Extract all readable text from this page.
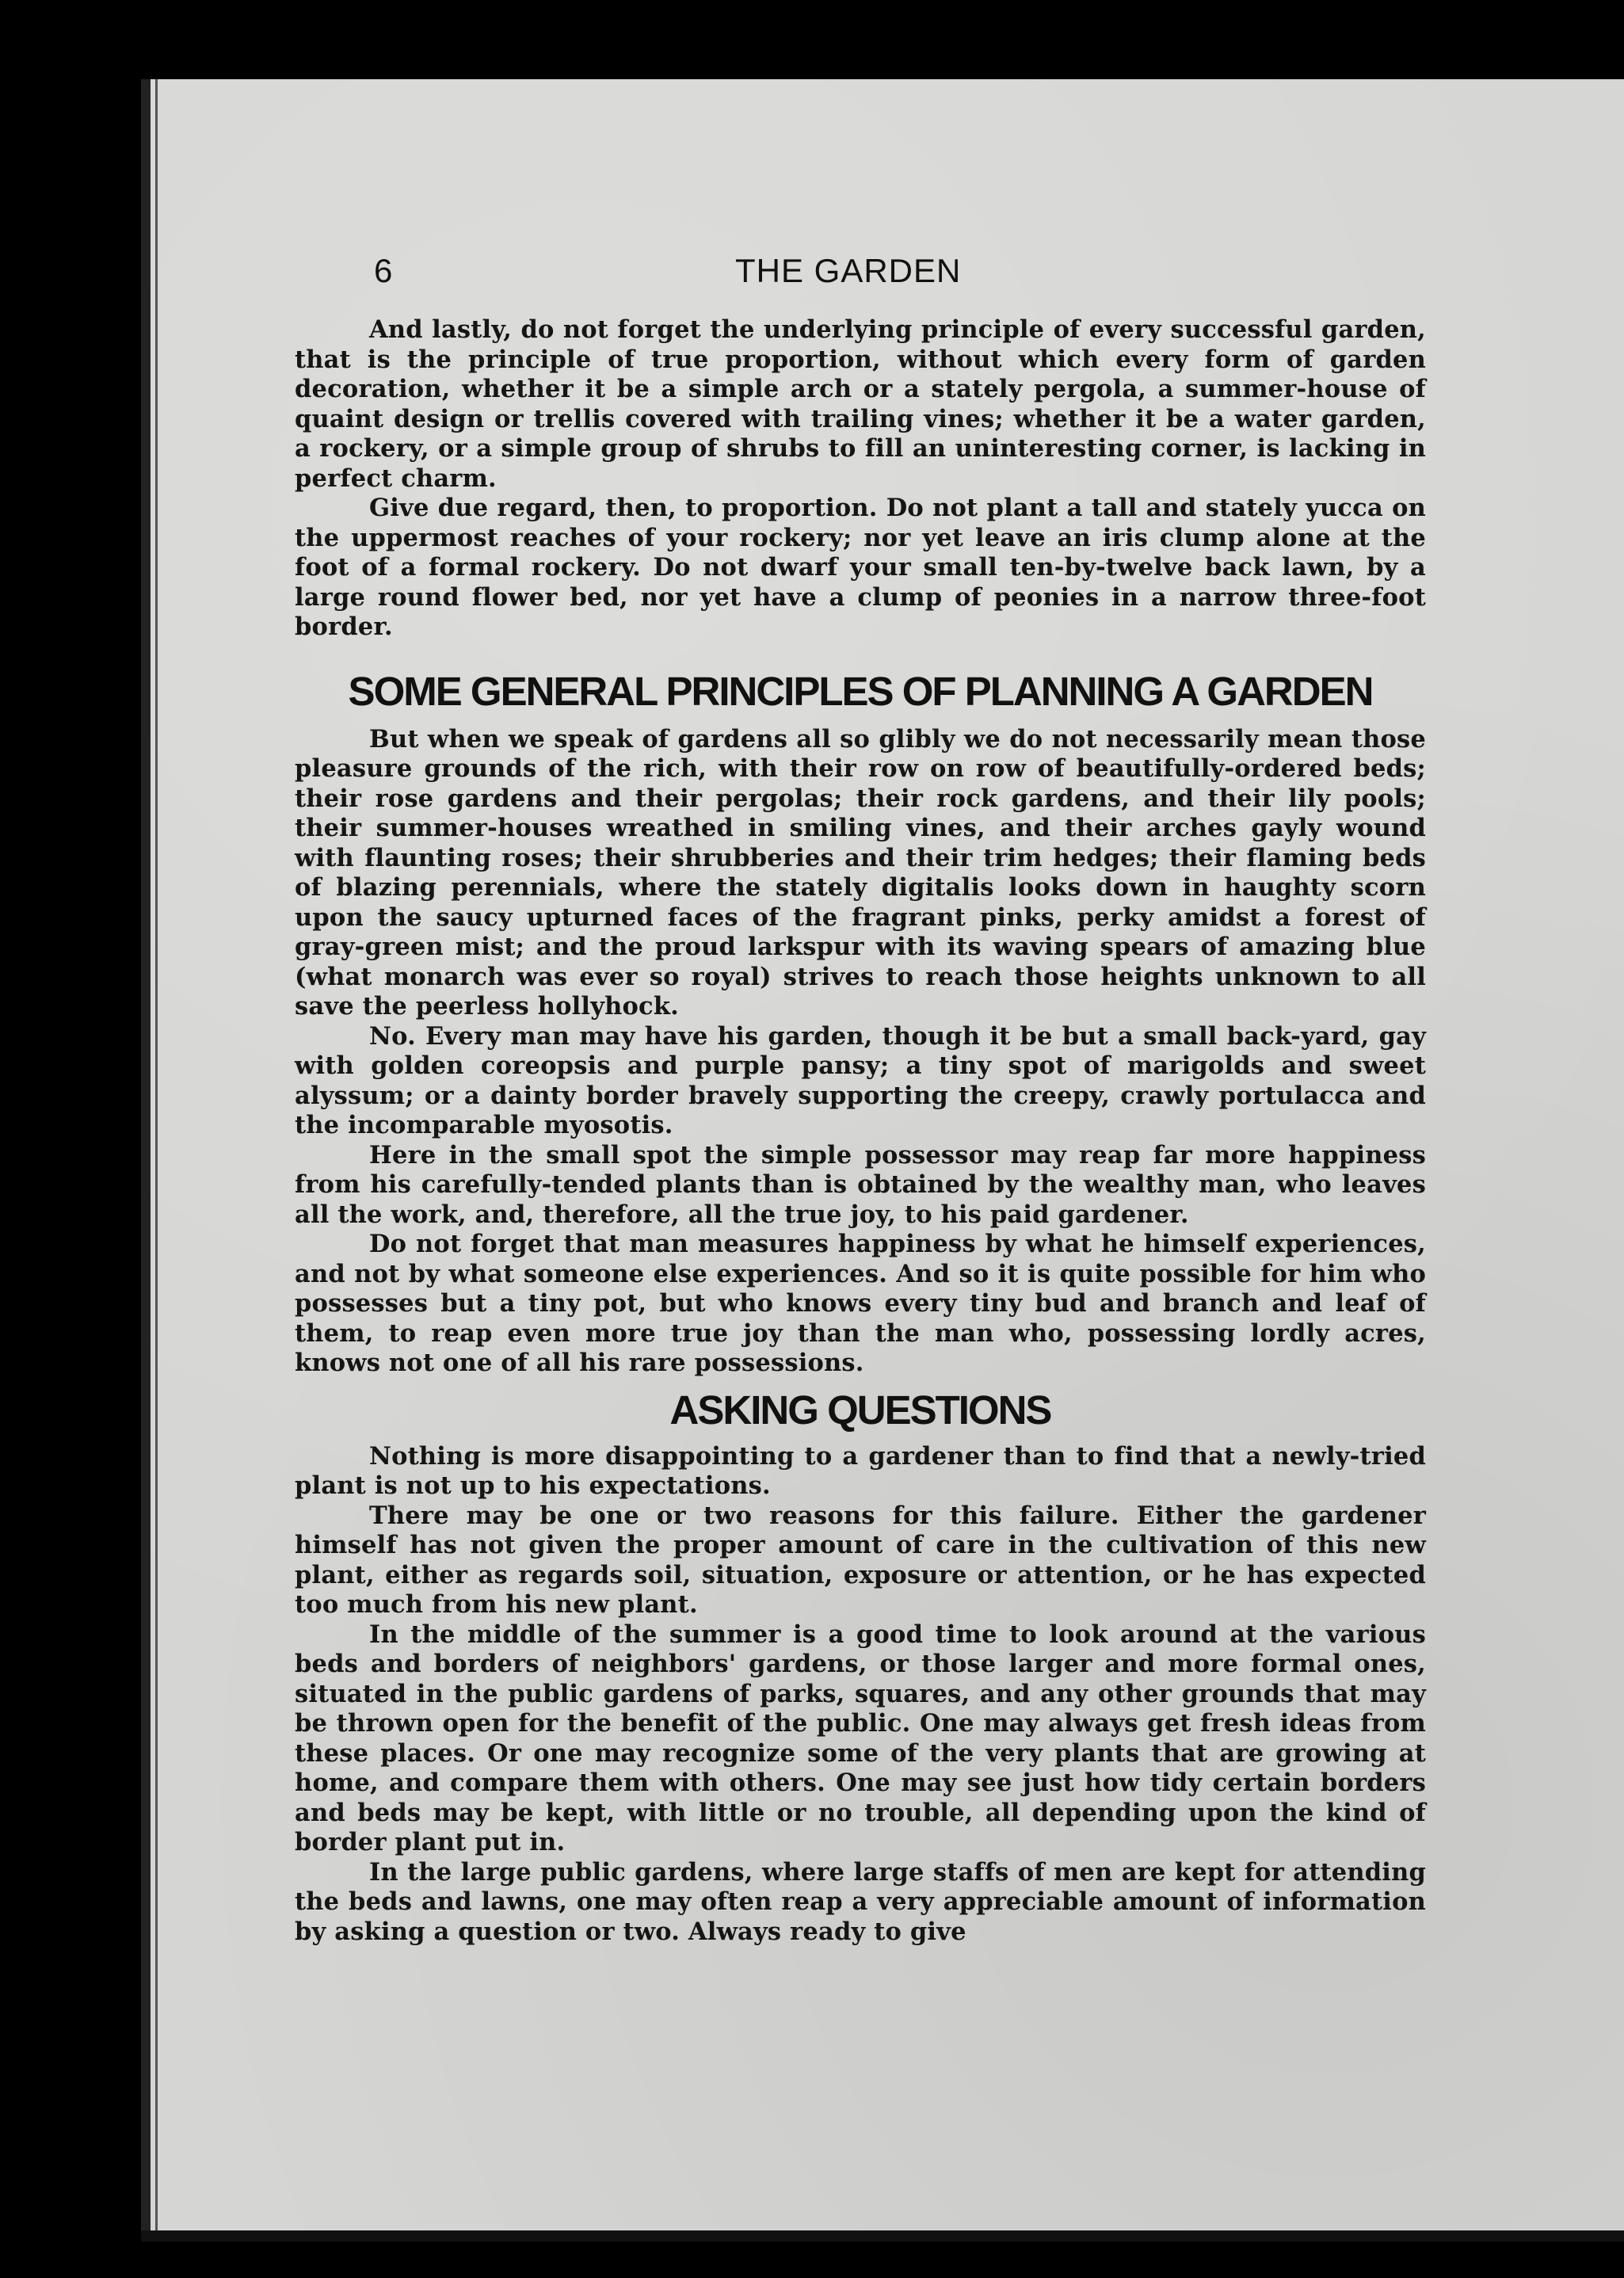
6	THE GARDEN

And lastly, do not forget the underlying principle of every successful garden, that is the principle of true proportion, without which every form of garden decoration, whether it be a simple arch or a stately pergola, a summer-house of quaint design or trellis covered with trailing vines; whether it be a water garden, a rockery, or a simple group of shrubs to fill an uninteresting corner, is lacking in perfect charm.

Give due regard, then, to proportion. Do not plant a tall and stately yucca on the uppermost reaches of your rockery; nor yet leave an iris clump alone at the foot of a formal rockery. Do not dwarf your small ten-by-twelve back lawn, by a large round flower bed, nor yet have a clump of peonies in a narrow three-foot border.

SOME GENERAL PRINCIPLES OF PLANNING A GARDEN

But when we speak of gardens all so glibly we do not necessarily mean those pleasure grounds of the rich, with their row on row of beautifully-ordered beds; their rose gardens and their pergolas; their rock gardens, and their lily pools; their summer-houses wreathed in smiling vines, and their arches gayly wound with flaunting roses; their shrubberies and their trim hedges; their flaming beds of blazing perennials, where the stately digitalis looks down in haughty scorn upon the saucy upturned faces of the fragrant pinks, perky amidst a forest of gray-green mist; and the proud larkspur with its waving spears of amazing blue (what monarch was ever so royal) strives to reach those heights unknown to all save the peerless hollyhock.

No. Every man may have his garden, though it be but a small back-yard, gay with golden coreopsis and purple pansy; a tiny spot of marigolds and sweet alyssum; or a dainty border bravely supporting the creepy, crawly portulacca and the incomparable myosotis.

Here in the small spot the simple possessor may reap far more happiness from his carefully-tended plants than is obtained by the wealthy man, who leaves all the work, and, therefore, all the true joy, to his paid gardener.

Do not forget that man measures happiness by what he himself experiences, and not by what someone else experiences. And so it is quite possible for him who possesses but a tiny pot, but who knows every tiny bud and branch and leaf of them, to reap even more true joy than the man who, possessing lordly acres, knows not one of all his rare possessions.

ASKING QUESTIONS

Nothing is more disappointing to a gardener than to find that a newly-tried plant is not up to his expectations.

There may be one or two reasons for this failure. Either the gardener himself has not given the proper amount of care in the cultivation of this new plant, either as regards soil, situation, exposure or attention, or he has expected too much from his new plant.

In the middle of the summer is a good time to look around at the various beds and borders of neighbors' gardens, or those larger and more formal ones, situated in the public gardens of parks, squares, and any other grounds that may be thrown open for the benefit of the public. One may always get fresh ideas from these places. Or one may recognize some of the very plants that are growing at home, and compare them with others. One may see just how tidy certain borders and beds may be kept, with little or no trouble, all depending upon the kind of border plant put in.

In the large public gardens, where large staffs of men are kept for attending the beds and lawns, one may often reap a very appreciable amount of information by asking a question or two. Always ready to give
